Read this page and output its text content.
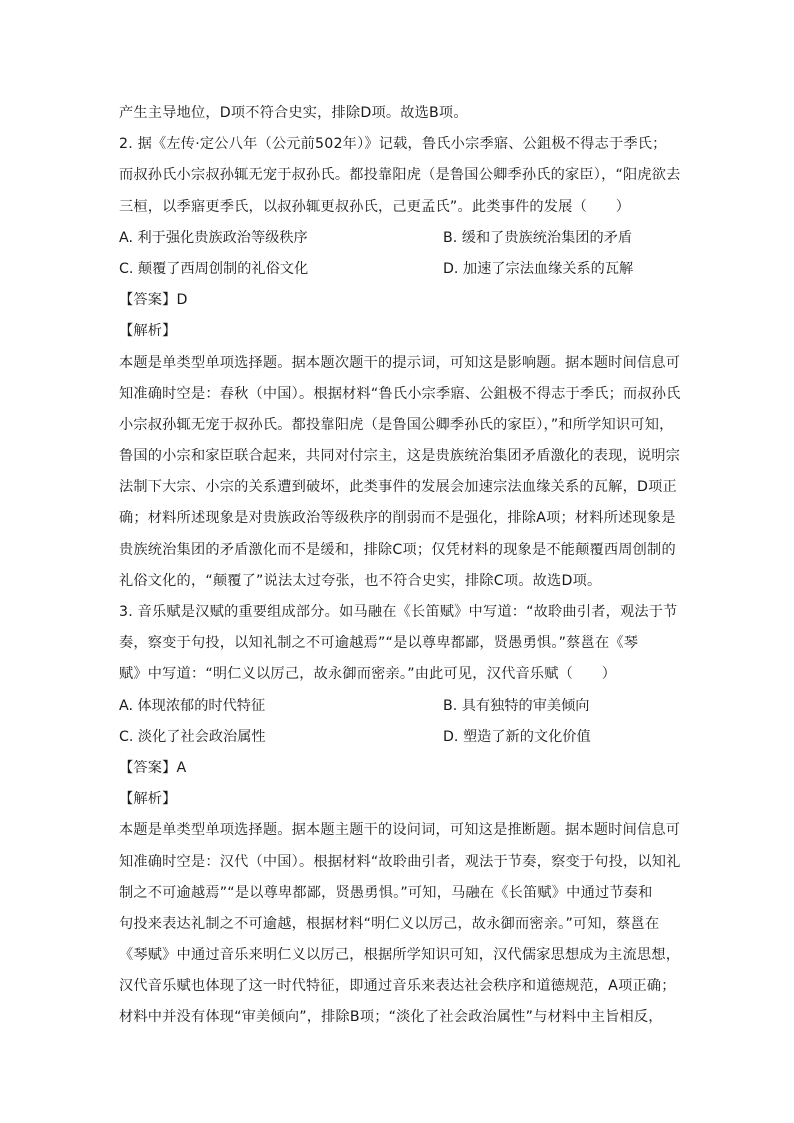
产生主导地位，D项不符合史实，排除D项。故选B项。
2. 据《左传·定公八年（公元前502年）》记载，鲁氏小宗季寤、公鉏极不得志于季氏；
而叔孙氏小宗叔孙辄无宠于叔孙氏。都投靠阳虎（是鲁国公卿季孙氏的家臣），“阳虎欲去
三桓，以季寤更季氏，以叔孙辄更叔孙氏，己更孟氏”。此类事件的发展（　　）
A. 利于强化贵族政治等级秩序	B. 缓和了贵族统治集团的矛盾
C. 颠覆了西周创制的礼俗文化	D. 加速了宗法血缘关系的瓦解
【答案】D
【解析】
本题是单类型单项选择题。据本题次题干的提示词，可知这是影响题。据本题时间信息可
知准确时空是：春秋（中国）。根据材料“鲁氏小宗季寤、公鉏极不得志于季氏；而叔孙氏
小宗叔孙辄无宠于叔孙氏。都投靠阳虎（是鲁国公卿季孙氏的家臣），”和所学知识可知，
鲁国的小宗和家臣联合起来，共同对付宗主，这是贵族统治集团矛盾激化的表现，说明宗
法制下大宗、小宗的关系遭到破坏，此类事件的发展会加速宗法血缘关系的瓦解，D项正
确；材料所述现象是对贵族政治等级秩序的削弱而不是强化，排除A项；材料所述现象是
贵族统治集团的矛盾激化而不是缓和，排除C项；仅凭材料的现象是不能颠覆西周创制的
礼俗文化的，“颠覆了”说法太过夸张，也不符合史实，排除C项。故选D项。
3. 音乐赋是汉赋的重要组成部分。如马融在《长笛赋》中写道：“故聆曲引者，观法于节
奏，察变于句投，以知礼制之不可逾越焉”“是以尊卑都鄙，贤愚勇惧。”蔡邕在《琴
赋》中写道：“明仁义以厉己，故永御而密亲。”由此可见，汉代音乐赋（　　）
A. 体现浓郁的时代特征	B. 具有独特的审美倾向
C. 淡化了社会政治属性	D. 塑造了新的文化价值
【答案】A
【解析】
本题是单类型单项选择题。据本题主题干的设问词，可知这是推断题。据本题时间信息可
知准确时空是：汉代（中国）。根据材料“故聆曲引者，观法于节奏，察变于句投，以知礼
制之不可逾越焉”“是以尊卑都鄙，贤愚勇惧。”可知，马融在《长笛赋》中通过节奏和
句投来表达礼制之不可逾越，根据材料“明仁义以厉己，故永御而密亲。”可知，蔡邕在
《琴赋》中通过音乐来明仁义以厉己，根据所学知识可知，汉代儒家思想成为主流思想，
汉代音乐赋也体现了这一时代特征，即通过音乐来表达社会秩序和道德规范，A项正确；
材料中并没有体现“审美倾向”，排除B项；“淡化了社会政治属性”与材料中主旨相反，
